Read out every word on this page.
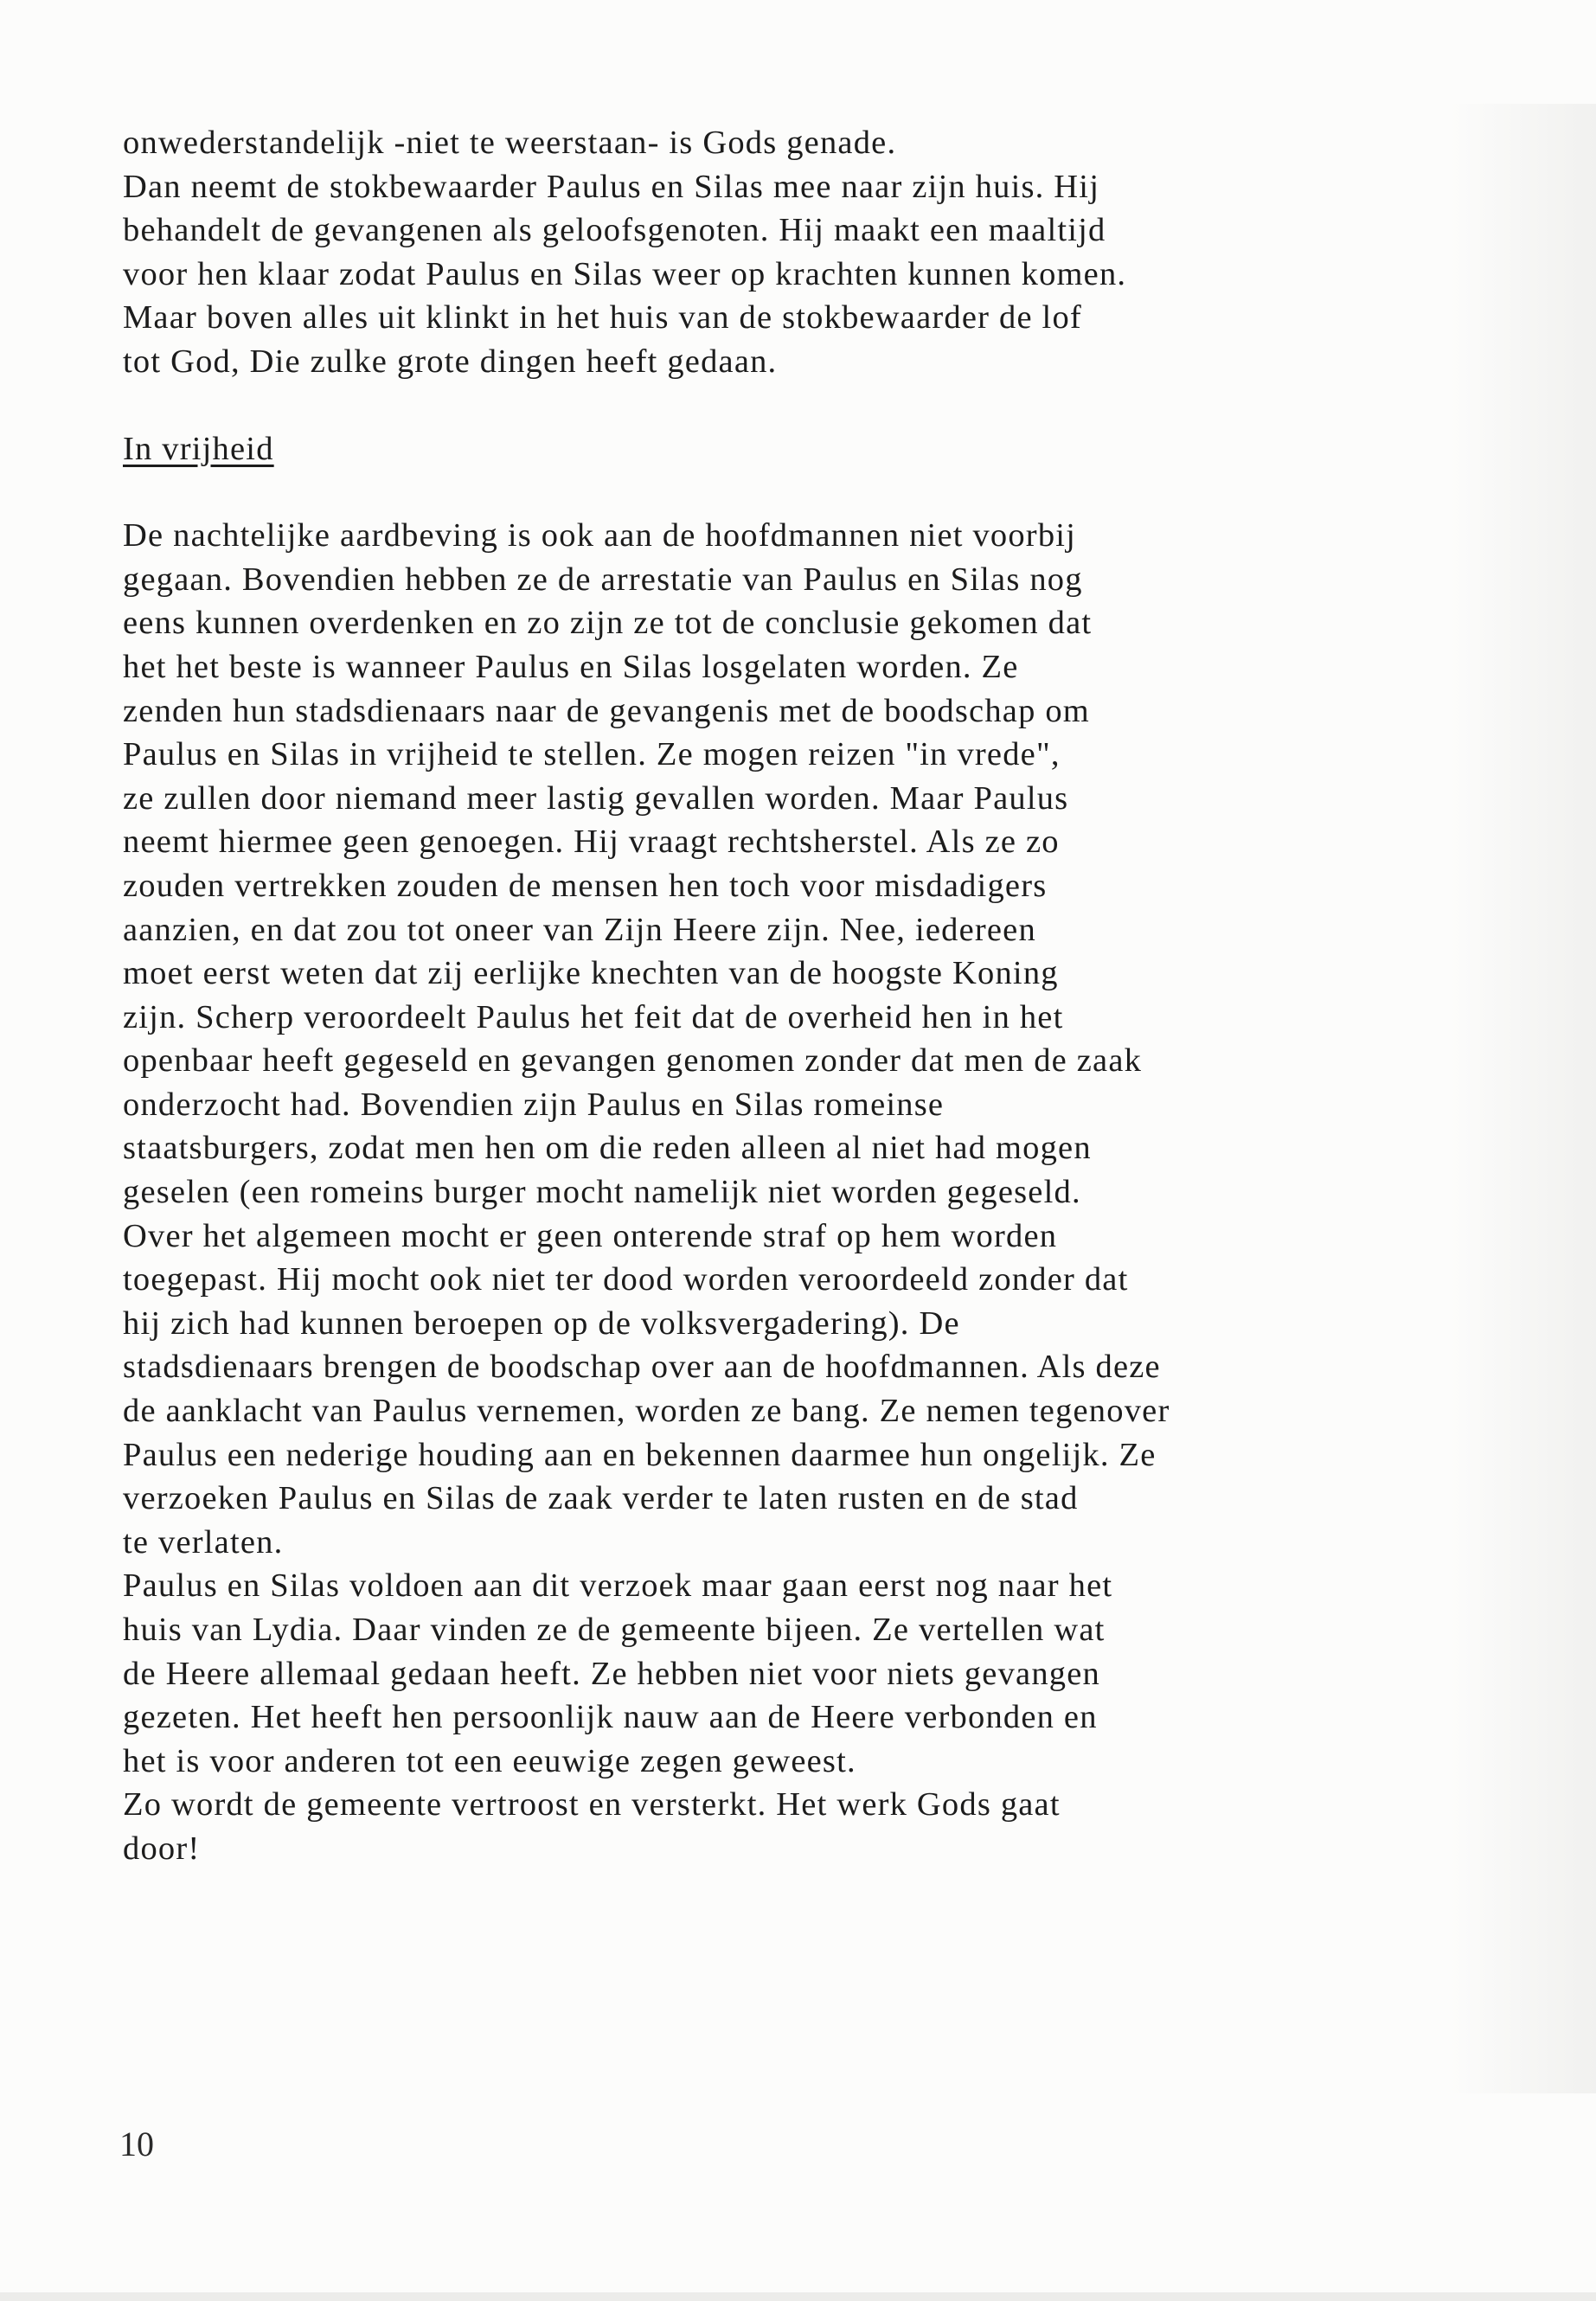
onwederstandelijk -niet te weerstaan- is Gods genade.
Dan neemt de stokbewaarder Paulus en Silas mee naar zijn huis. Hij
behandelt de gevangenen als geloofsgenoten. Hij maakt een maaltijd
voor hen klaar zodat Paulus en Silas weer op krachten kunnen komen.
Maar boven alles uit klinkt in het huis van de stokbewaarder de lof
tot God, Die zulke grote dingen heeft gedaan.
In vrijheid
De nachtelijke aardbeving is ook aan de hoofdmannen niet voorbij
gegaan. Bovendien hebben ze de arrestatie van Paulus en Silas nog
eens kunnen overdenken en zo zijn ze tot de conclusie gekomen dat
het het beste is wanneer Paulus en Silas losgelaten worden. Ze
zenden hun stadsdienaars naar de gevangenis met de boodschap om
Paulus en Silas in vrijheid te stellen. Ze mogen reizen "in vrede",
ze zullen door niemand meer lastig gevallen worden. Maar Paulus
neemt hiermee geen genoegen. Hij vraagt rechtsherstel. Als ze zo
zouden vertrekken zouden de mensen hen toch voor misdadigers
aanzien, en dat zou tot oneer van Zijn Heere zijn. Nee, iedereen
moet eerst weten dat zij eerlijke knechten van de hoogste Koning
zijn. Scherp veroordeelt Paulus het feit dat de overheid hen in het
openbaar heeft gegeseld en gevangen genomen zonder dat men de zaak
onderzocht had. Bovendien zijn Paulus en Silas romeinse
staatsburgers, zodat men hen om die reden alleen al niet had mogen
geselen (een romeins burger mocht namelijk niet worden gegeseld.
Over het algemeen mocht er geen onterende straf op hem worden
toegepast. Hij mocht ook niet ter dood worden veroordeeld zonder dat
hij zich had kunnen beroepen op de volksvergadering). De
stadsdienaars brengen de boodschap over aan de hoofdmannen. Als deze
de aanklacht van Paulus vernemen, worden ze bang. Ze nemen tegenover
Paulus een nederige houding aan en bekennen daarmee hun ongelijk. Ze
verzoeken Paulus en Silas de zaak verder te laten rusten en de stad
te verlaten.
Paulus en Silas voldoen aan dit verzoek maar gaan eerst nog naar het
huis van Lydia. Daar vinden ze de gemeente bijeen. Ze vertellen wat
de Heere allemaal gedaan heeft. Ze hebben niet voor niets gevangen
gezeten. Het heeft hen persoonlijk nauw aan de Heere verbonden en
het is voor anderen tot een eeuwige zegen geweest.
Zo wordt de gemeente vertroost en versterkt. Het werk Gods gaat
door!
10
